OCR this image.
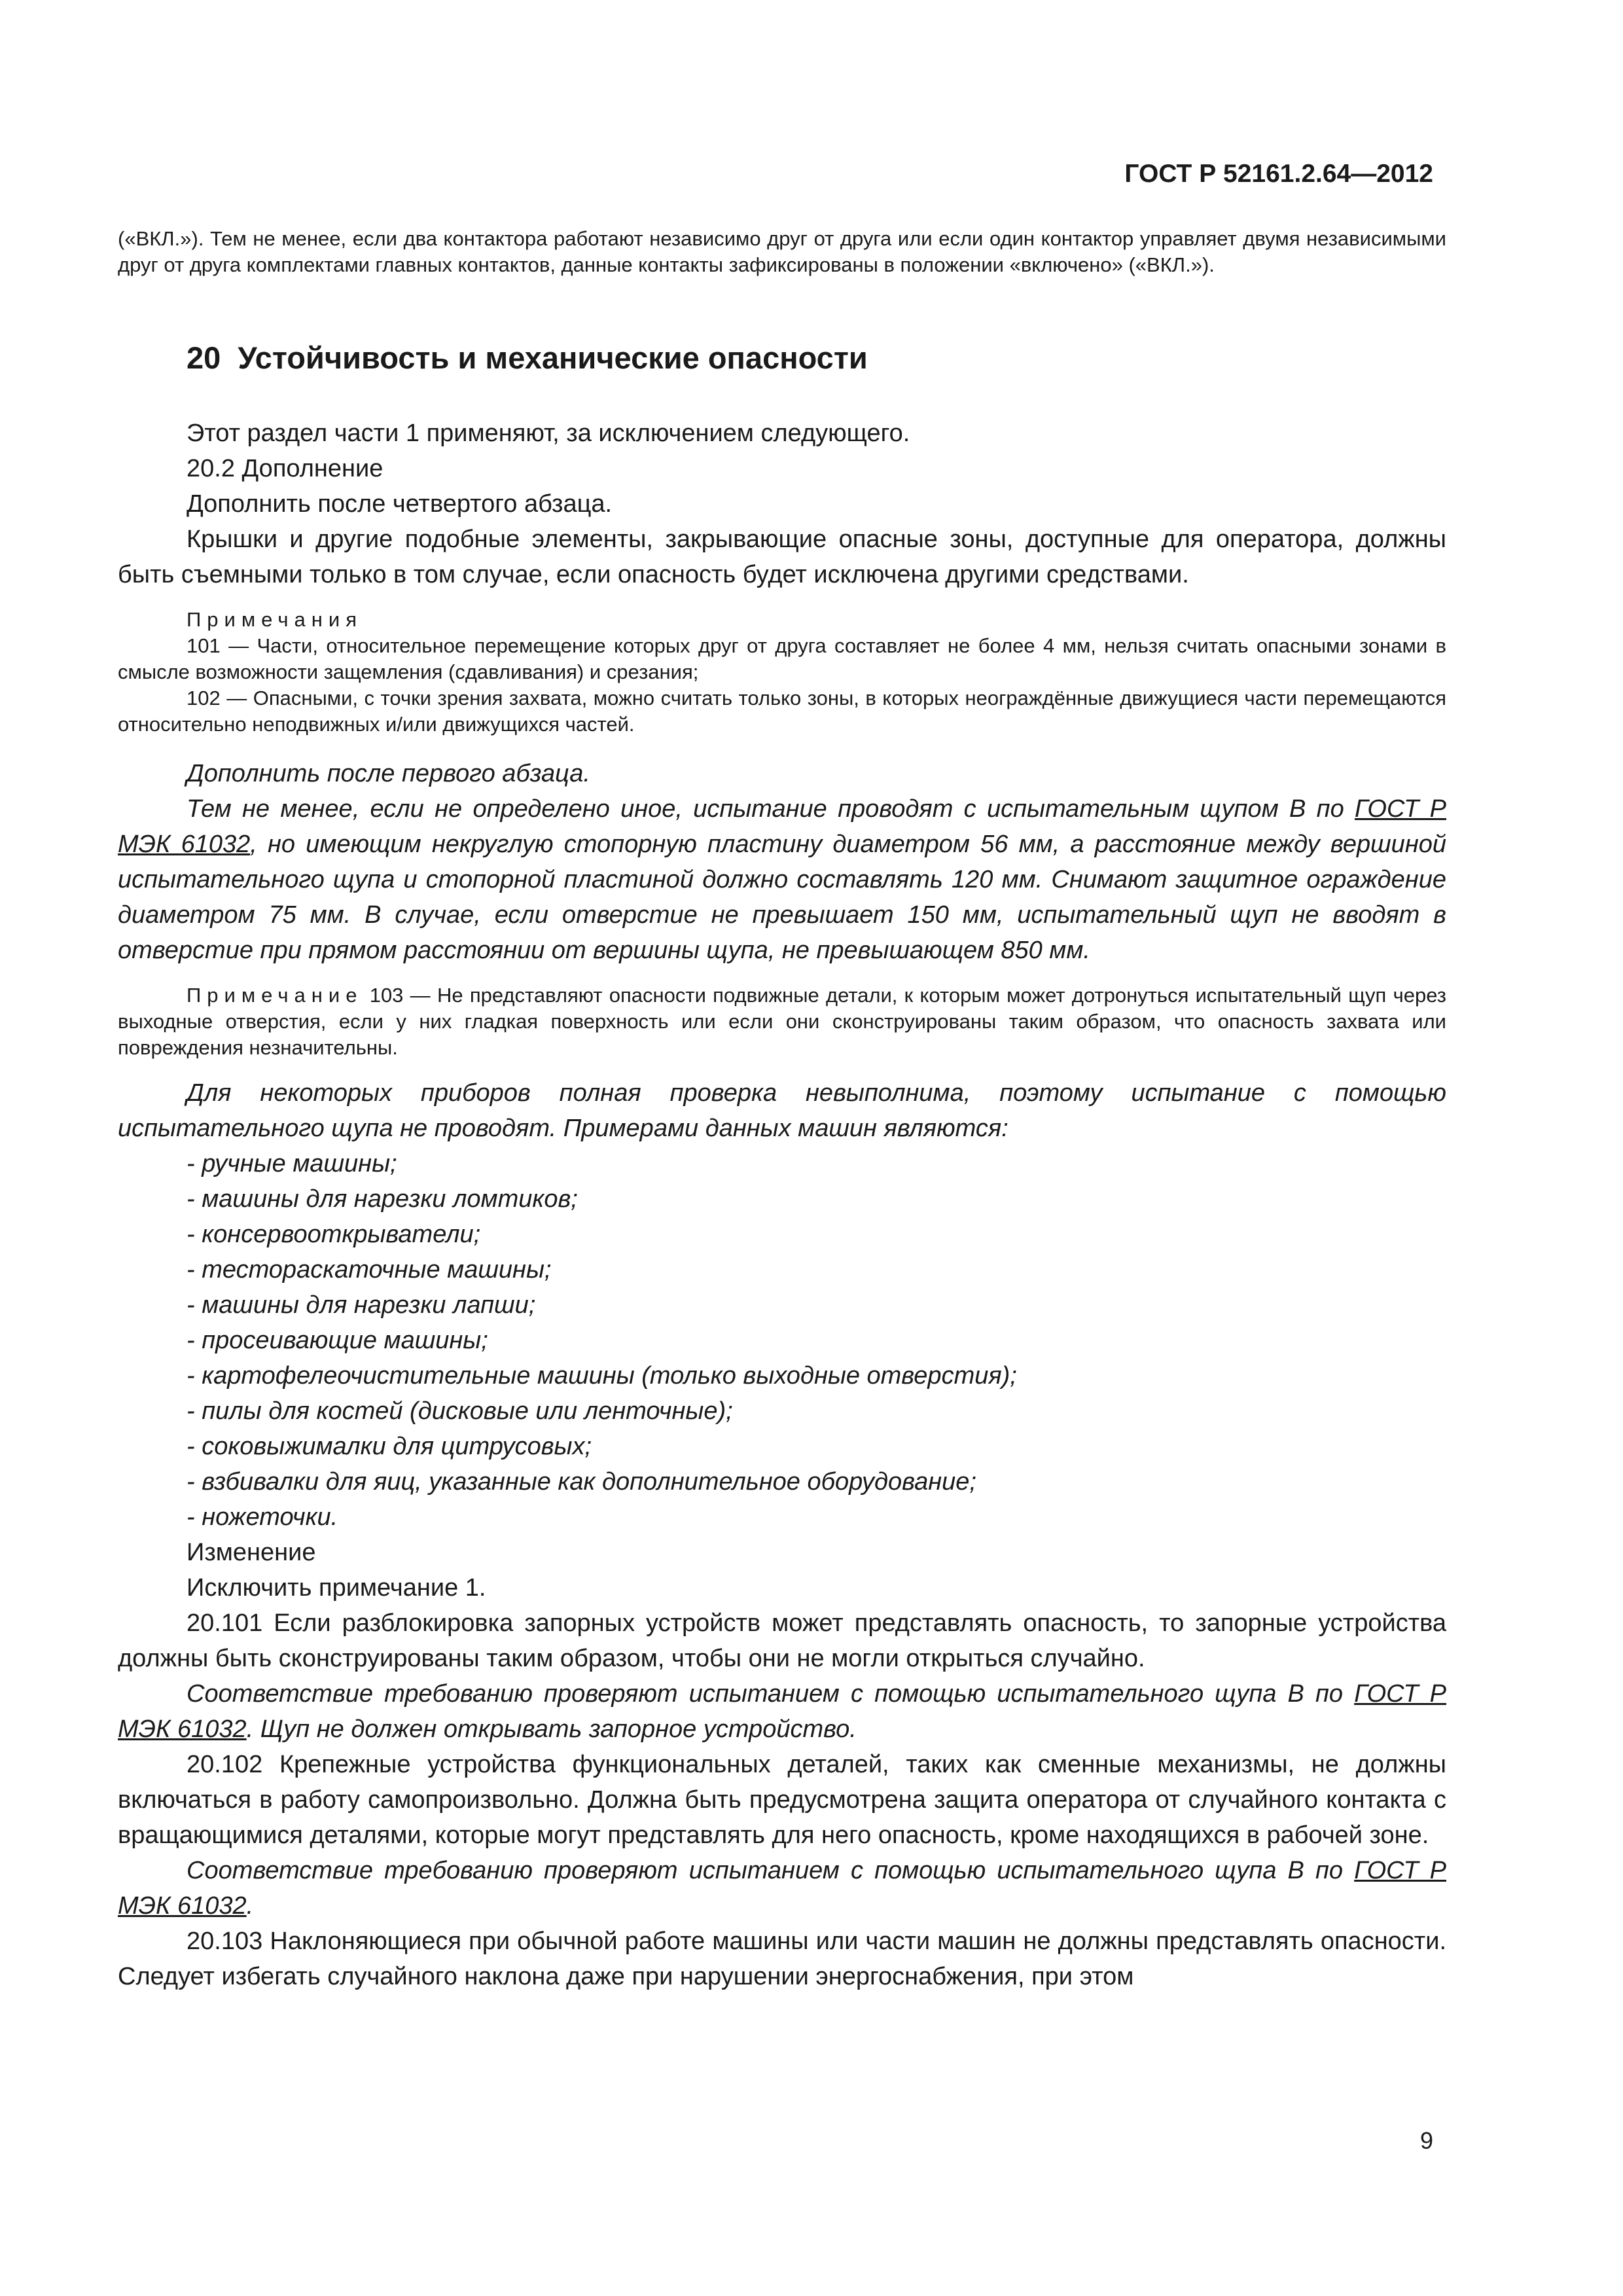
ГОСТ Р 52161.2.64—2012

(«ВКЛ.»). Тем не менее, если два контактора работают независимо друг от друга или если один контактор управляет двумя независимыми друг от друга комплектами главных контактов, данные контакты зафиксированы в положении «включено» («ВКЛ.»).

20 Устойчивость и механические опасности

Этот раздел части 1 применяют, за исключением следующего.

20.2 Дополнение

Дополнить после четвертого абзаца.

Крышки и другие подобные элементы, закрывающие опасные зоны, доступные для оператора, должны быть съемными только в том случае, если опасность будет исключена другими средствами.

Примечания

101 — Части, относительное перемещение которых друг от друга составляет не более 4 мм, нельзя считать опасными зонами в смысле возможности защемления (сдавливания) и срезания;

102 — Опасными, с точки зрения захвата, можно считать только зоны, в которых неограждённые движущиеся части перемещаются относительно неподвижных и/или движущихся частей.

Дополнить после первого абзаца.

Тем не менее, если не определено иное, испытание проводят с испытательным щупом В по ГОСТ Р МЭК 61032, но имеющим некруглую стопорную пластину диаметром 56 мм, а расстояние между вершиной испытательного щупа и стопорной пластиной должно составлять 120 мм. Снимают защитное ограждение диаметром 75 мм. В случае, если отверстие не превышает 150 мм, испытательный щуп не вводят в отверстие при прямом расстоянии от вершины щупа, не превышающем 850 мм.

Примечание 103 — Не представляют опасности подвижные детали, к которым может дотронуться испытательный щуп через выходные отверстия, если у них гладкая поверхность или если они сконструированы таким образом, что опасность захвата или повреждения незначительны.

Для некоторых приборов полная проверка невыполнима, поэтому испытание с помощью испытательного щупа не проводят. Примерами данных машин являются:

- ручные машины;
- машины для нарезки ломтиков;
- консервооткрыватели;
- тестораскаточные машины;
- машины для нарезки лапши;
- просеивающие машины;
- картофелеочистительные машины (только выходные отверстия);
- пилы для костей (дисковые или ленточные);
- соковыжималки для цитрусовых;
- взбивалки для яиц, указанные как дополнительное оборудование;
- ножеточки.

Изменение

Исключить примечание 1.

20.101 Если разблокировка запорных устройств может представлять опасность, то запорные устройства должны быть сконструированы таким образом, чтобы они не могли открыться случайно.

Соответствие требованию проверяют испытанием с помощью испытательного щупа В по ГОСТ Р МЭК 61032. Щуп не должен открывать запорное устройство.

20.102 Крепежные устройства функциональных деталей, таких как сменные механизмы, не должны включаться в работу самопроизвольно. Должна быть предусмотрена защита оператора от случайного контакта с вращающимися деталями, которые могут представлять для него опасность, кроме находящихся в рабочей зоне.

Соответствие требованию проверяют испытанием с помощью испытательного щупа В по ГОСТ Р МЭК 61032.

20.103 Наклоняющиеся при обычной работе машины или части машин не должны представлять опасности. Следует избегать случайного наклона даже при нарушении энергоснабжения, при этом

9
